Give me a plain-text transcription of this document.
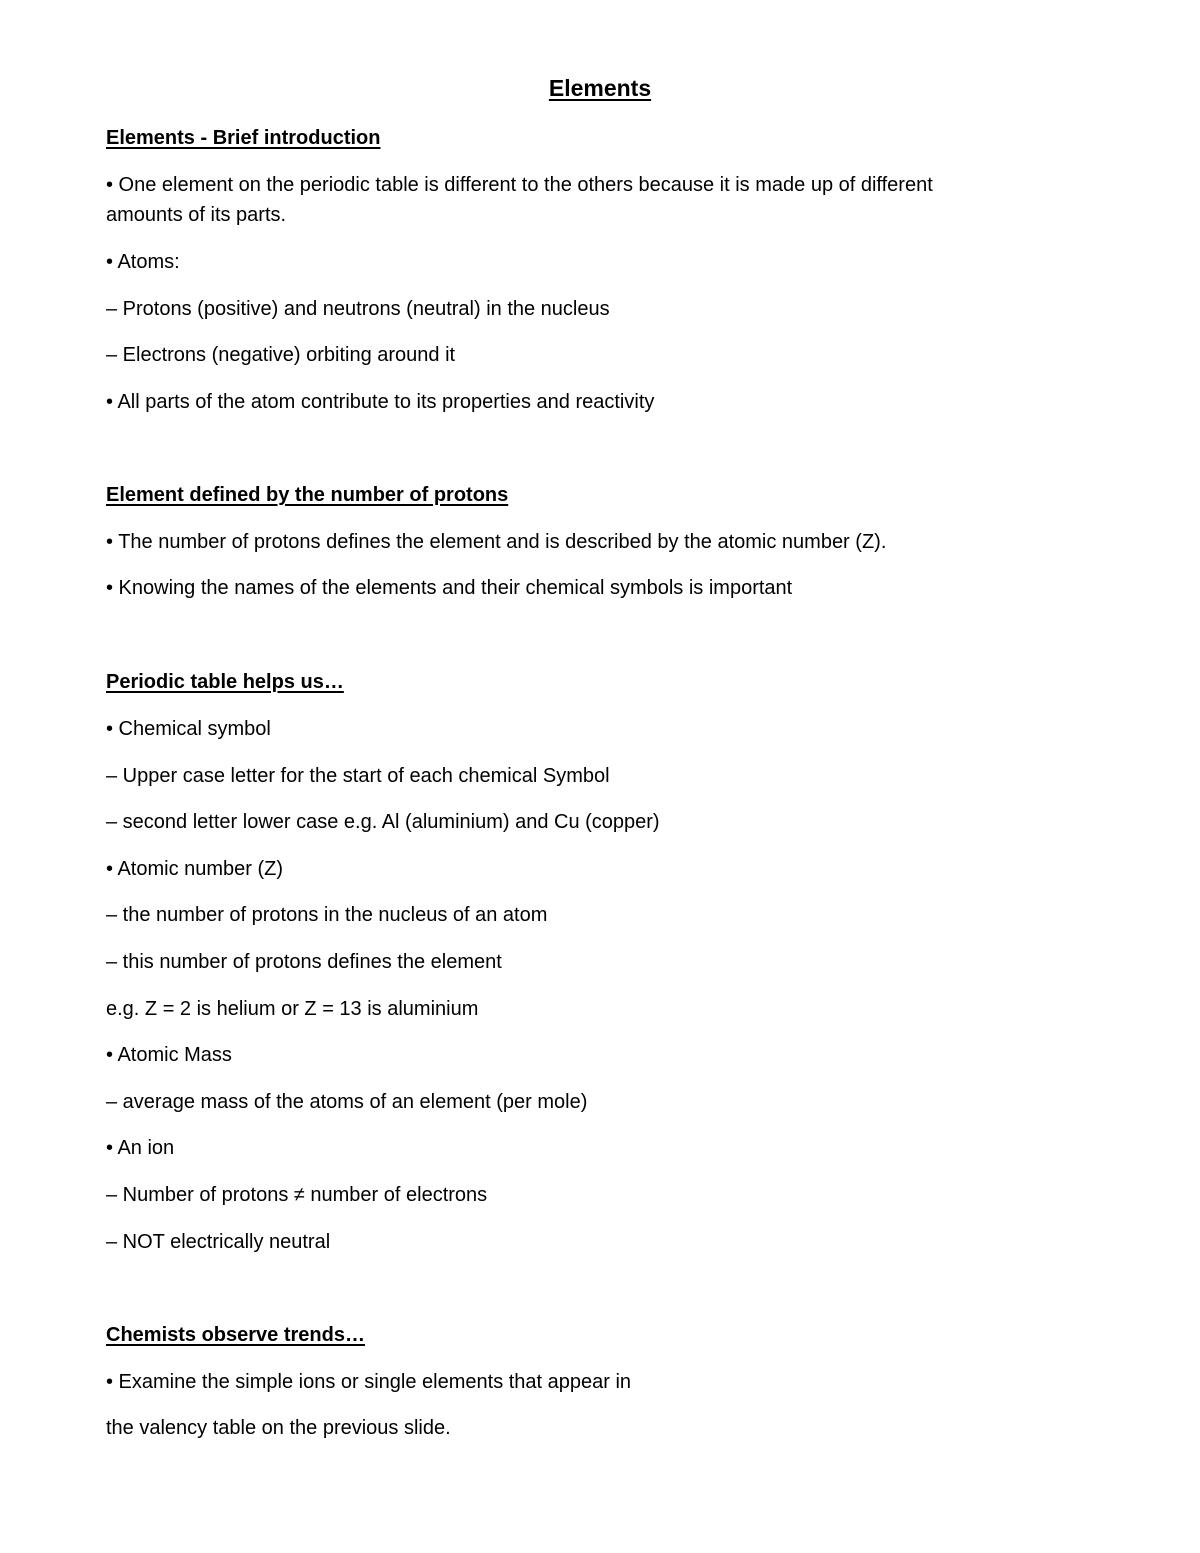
Elements
Elements - Brief introduction
• One element on the periodic table is different to the others because it is made up of different
amounts of its parts.
• Atoms:
– Protons (positive) and neutrons (neutral) in the nucleus
– Electrons (negative) orbiting around it
• All parts of the atom contribute to its properties and reactivity
Element defined by the number of protons
• The number of protons defines the element and is described by the atomic number (Z).
• Knowing the names of the elements and their chemical symbols is important
Periodic table helps us…
• Chemical symbol
– Upper case letter for the start of each chemical Symbol
– second letter lower case e.g. Al (aluminium) and Cu (copper)
• Atomic number (Z)
– the number of protons in the nucleus of an atom
– this number of protons defines the element
e.g. Z = 2 is helium or Z = 13 is aluminium
• Atomic Mass
– average mass of the atoms of an element (per mole)
• An ion
– Number of protons ≠ number of electrons
– NOT electrically neutral
Chemists observe trends…
• Examine the simple ions or single elements that appear in
the valency table on the previous slide.
